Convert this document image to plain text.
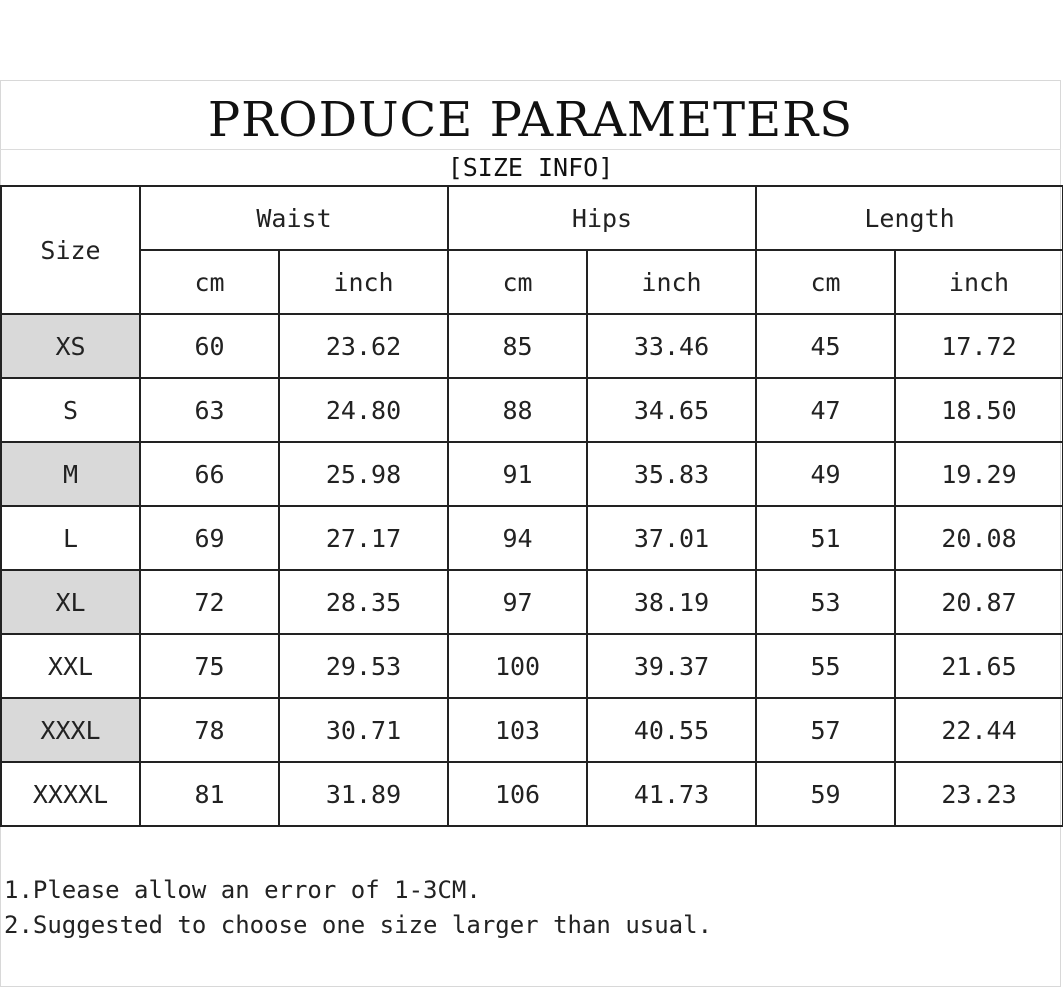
PRODUCE PARAMETERS
[SIZE INFO]
Size	Waist		Hips		Length	
	cm	inch	cm	inch	cm	inch
XS	60	23.62	85	33.46	45	17.72
S	63	24.80	88	34.65	47	18.50
M	66	25.98	91	35.83	49	19.29
L	69	27.17	94	37.01	51	20.08
XL	72	28.35	97	38.19	53	20.87
XXL	75	29.53	100	39.37	55	21.65
XXXL	78	30.71	103	40.55	57	22.44
XXXXL	81	31.89	106	41.73	59	23.23
1.Please allow an error of 1-3CM.
2.Suggested to choose one size larger than usual.
